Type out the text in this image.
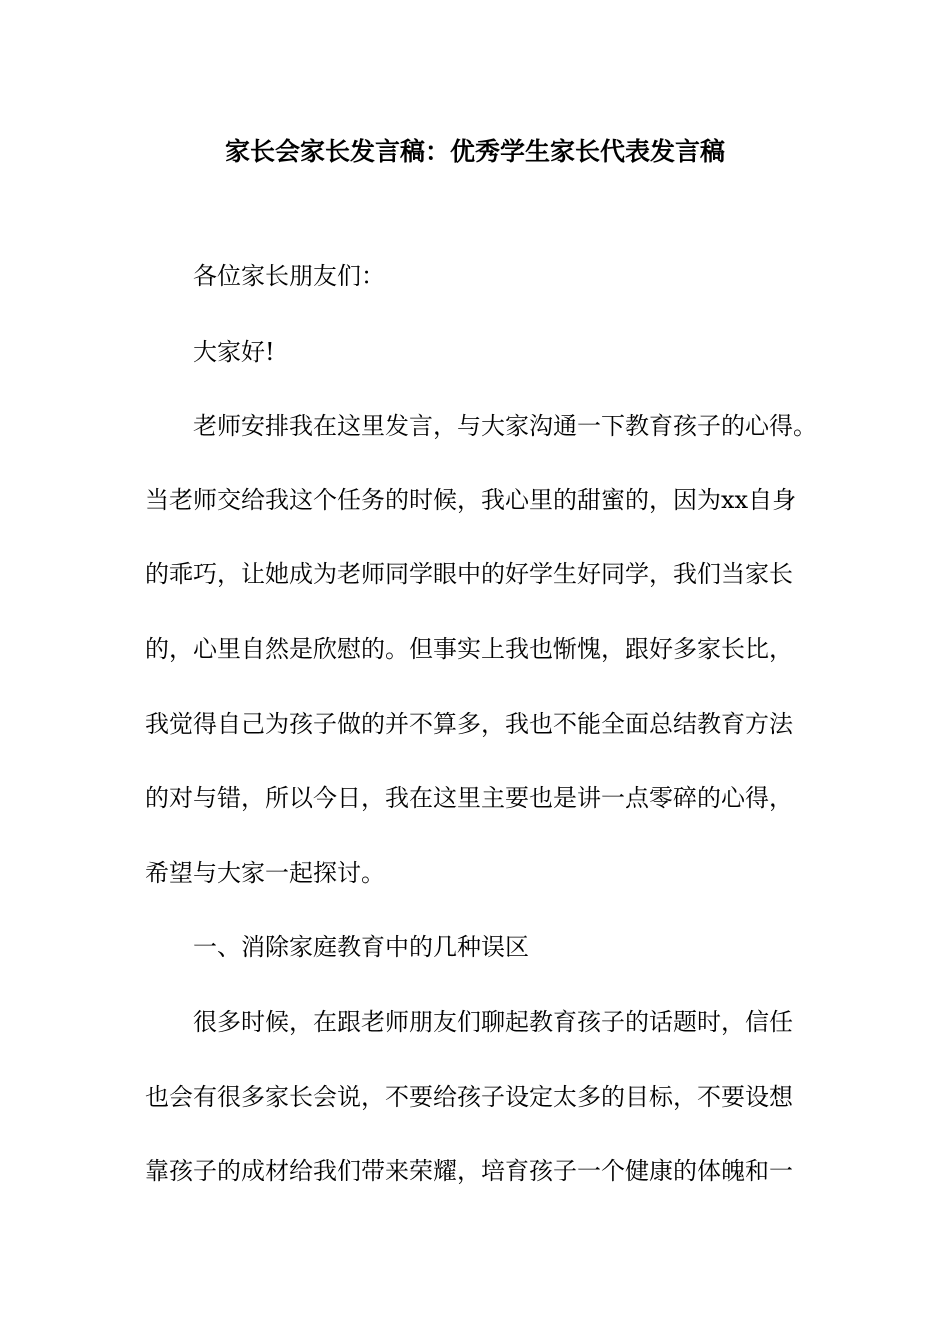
家长会家长发言稿：优秀学生家长代表发言稿

各位家长朋友们：

大家好!

老师安排我在这里发言，与大家沟通一下教育孩子的心得。

当老师交给我这个任务的时候，我心里的甜蜜的，因为xx自身

的乖巧，让她成为老师同学眼中的好学生好同学，我们当家长

的，心里自然是欣慰的。但事实上我也惭愧，跟好多家长比，

我觉得自己为孩子做的并不算多，我也不能全面总结教育方法

的对与错，所以今日，我在这里主要也是讲一点零碎的心得，

希望与大家一起探讨。

一、消除家庭教育中的几种误区

很多时候，在跟老师朋友们聊起教育孩子的话题时，信任

也会有很多家长会说，不要给孩子设定太多的目标，不要设想

靠孩子的成材给我们带来荣耀，培育孩子一个健康的体魄和一
